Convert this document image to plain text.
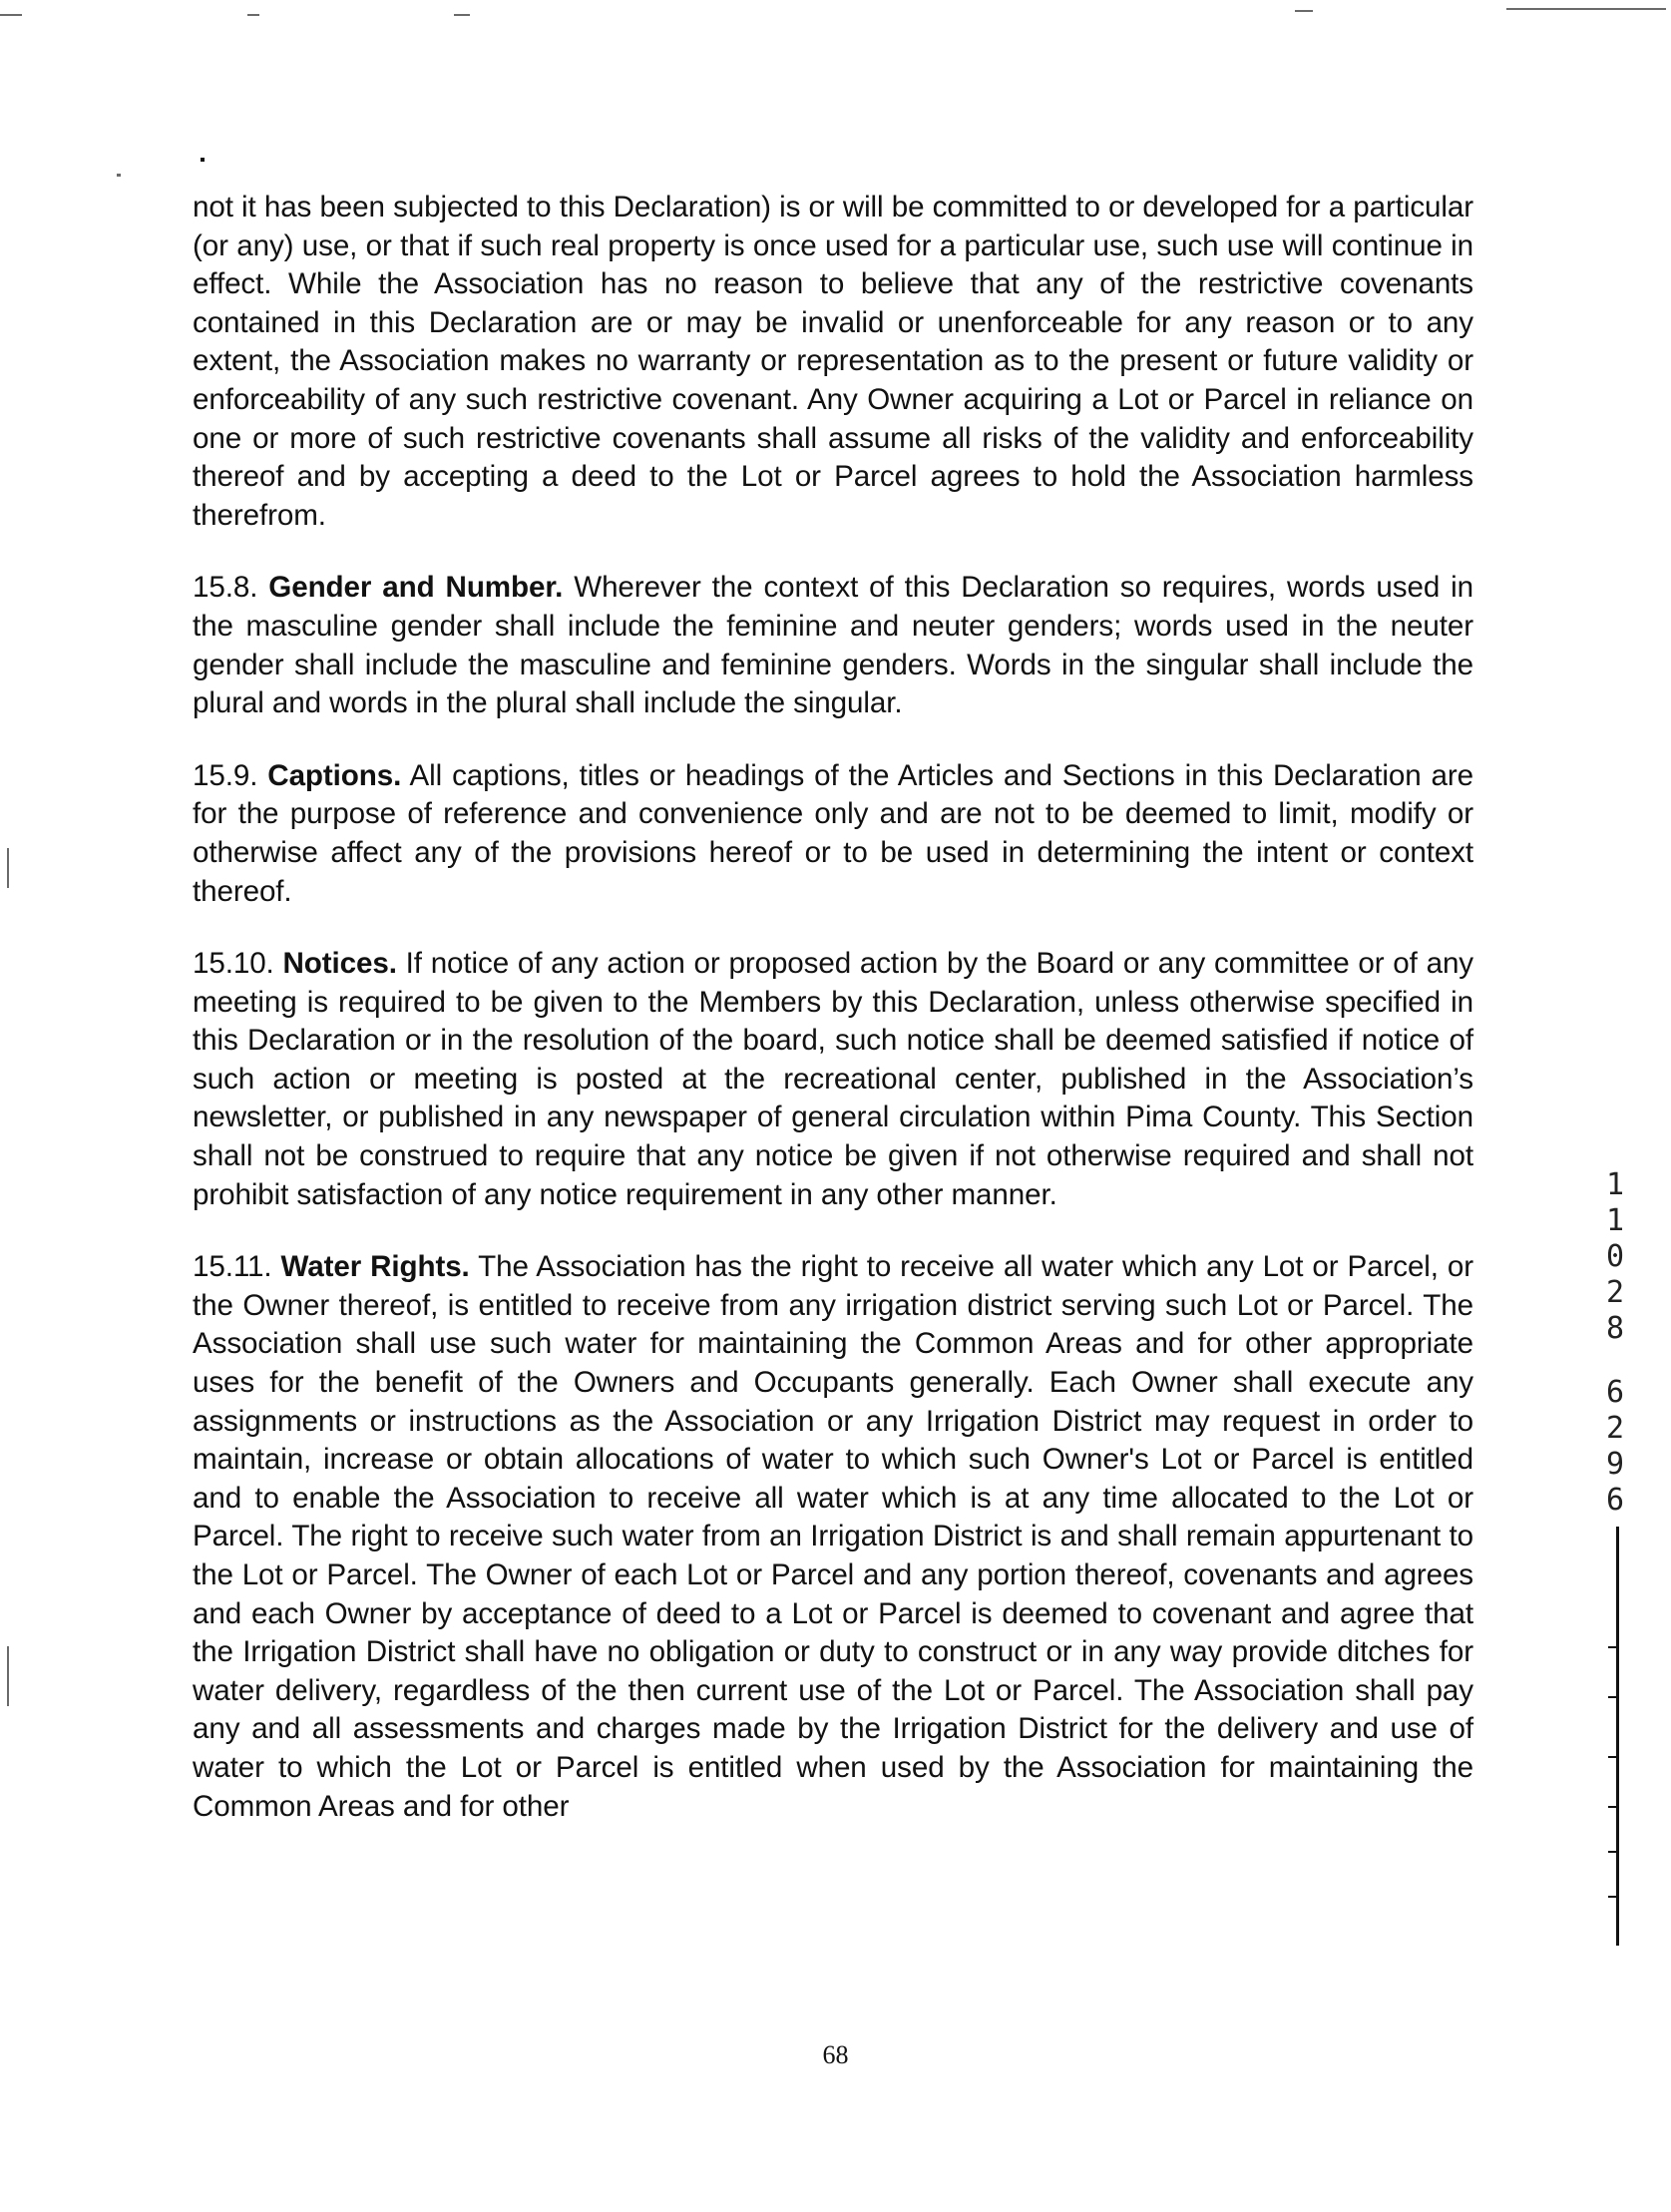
not it has been subjected to this Declaration) is or will be committed to or developed for a particular (or any) use, or that if such real property is once used for a particular use, such use will continue in effect. While the Association has no reason to believe that any of the restrictive covenants contained in this Declaration are or may be invalid or unenforceable for any reason or to any extent, the Association makes no warranty or representation as to the present or future validity or enforceability of any such restrictive covenant. Any Owner acquiring a Lot or Parcel in reliance on one or more of such restrictive covenants shall assume all risks of the validity and enforceability thereof and by accepting a deed to the Lot or Parcel agrees to hold the Association harmless therefrom.

15.8. Gender and Number. Wherever the context of this Declaration so requires, words used in the masculine gender shall include the feminine and neuter genders; words used in the neuter gender shall include the masculine and feminine genders. Words in the singular shall include the plural and words in the plural shall include the singular.

15.9. Captions. All captions, titles or headings of the Articles and Sections in this Declaration are for the purpose of reference and convenience only and are not to be deemed to limit, modify or otherwise affect any of the provisions hereof or to be used in determining the intent or context thereof.

15.10. Notices. If notice of any action or proposed action by the Board or any committee or of any meeting is required to be given to the Members by this Declaration, unless otherwise specified in this Declaration or in the resolution of the board, such notice shall be deemed satisfied if notice of such action or meeting is posted at the recreational center, published in the Association’s newsletter, or published in any newspaper of general circulation within Pima County. This Section shall not be construed to require that any notice be given if not otherwise required and shall not prohibit satisfaction of any notice requirement in any other manner.

15.11. Water Rights. The Association has the right to receive all water which any Lot or Parcel, or the Owner thereof, is entitled to receive from any irrigation district serving such Lot or Parcel. The Association shall use such water for maintaining the Common Areas and for other appropriate uses for the benefit of the Owners and Occupants generally. Each Owner shall execute any assignments or instructions as the Association or any Irrigation District may request in order to maintain, increase or obtain allocations of water to which such Owner's Lot or Parcel is entitled and to enable the Association to receive all water which is at any time allocated to the Lot or Parcel. The right to receive such water from an Irrigation District is and shall remain appurtenant to the Lot or Parcel. The Owner of each Lot or Parcel and any portion thereof, covenants and agrees and each Owner by acceptance of deed to a Lot or Parcel is deemed to covenant and agree that the Irrigation District shall have no obligation or duty to construct or in any way provide ditches for water delivery, regardless of the then current use of the Lot or Parcel. The Association shall pay any and all assessments and charges made by the Irrigation District for the delivery and use of water to which the Lot or Parcel is entitled when used by the Association for maintaining the Common Areas and for other

1
1
0
2
8
6
2
9
6
68
